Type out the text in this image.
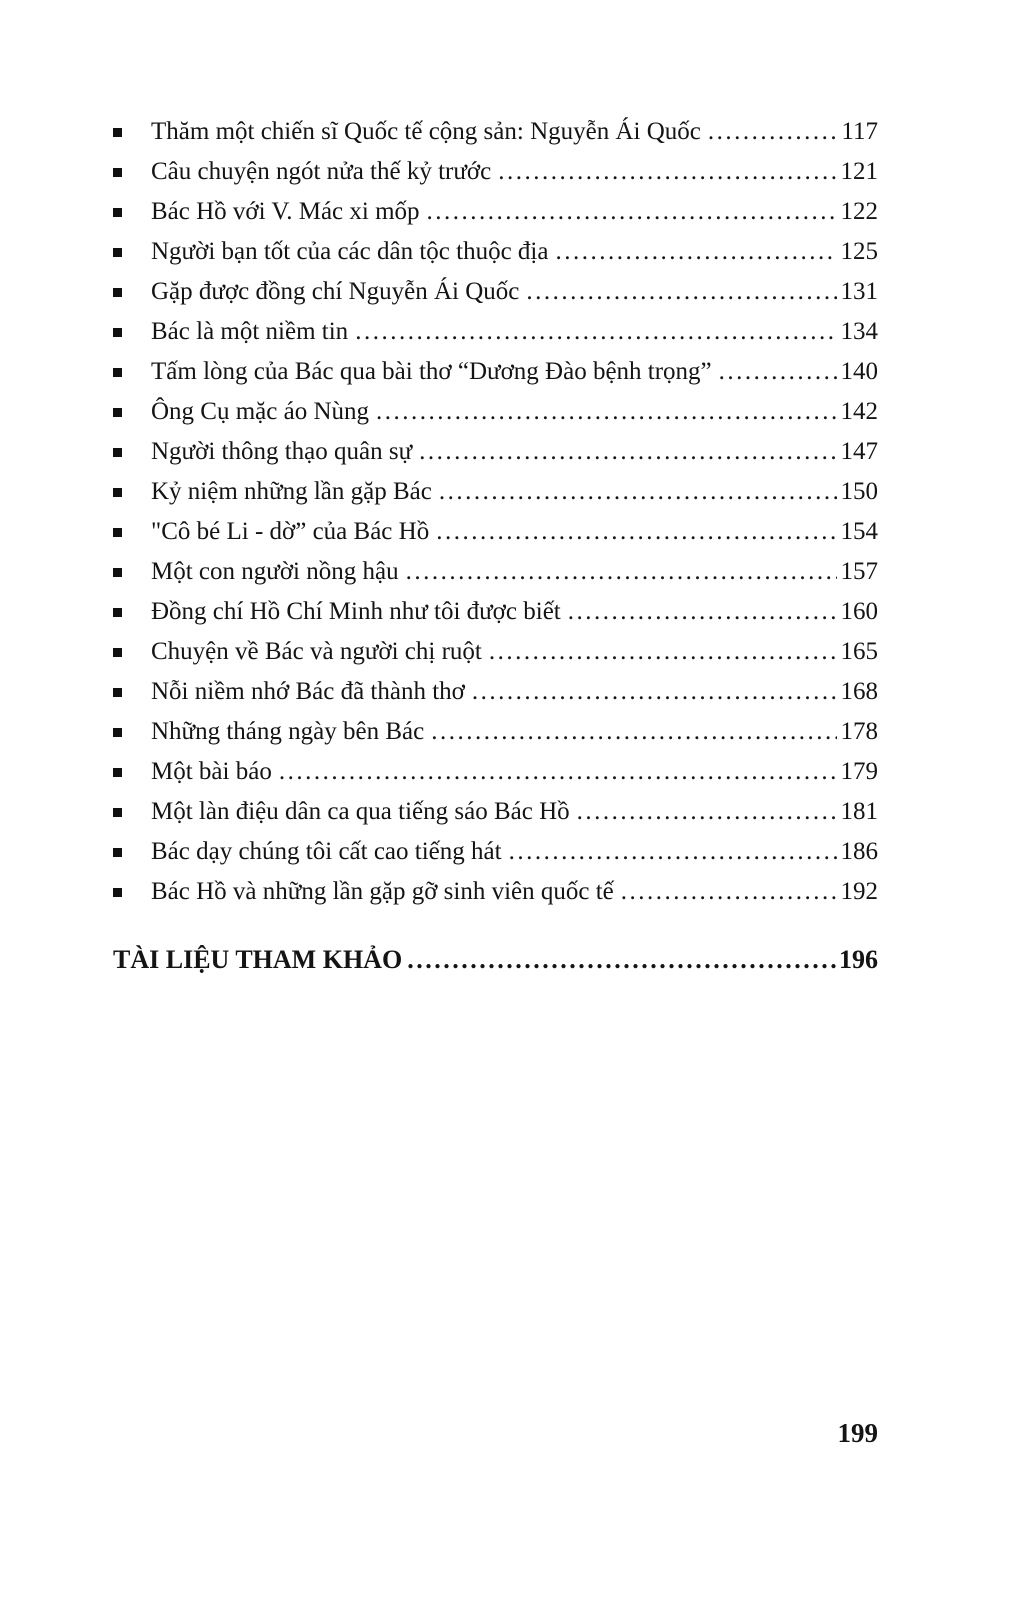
Thăm một chiến sĩ Quốc tế cộng sản: Nguyễn Ái Quốc .....	117
Câu chuyện ngót nửa thế kỷ trước .....	121
Bác Hồ với V. Mác xi mốp .....	122
Người bạn tốt của các dân tộc thuộc địa .....	125
Gặp được đồng chí Nguyễn Ái Quốc .....	131
Bác là một niềm tin .....	134
Tấm lòng của Bác qua bài thơ “Dương Đào bệnh trọng” .....	140
Ông Cụ mặc áo Nùng .....	142
Người thông thạo quân sự .....	147
Kỷ niệm những lần gặp Bác .....	150
"Cô bé Li - dờ” của Bác Hồ .....	154
Một con người nồng hậu .....	157
Đồng chí Hồ Chí Minh như tôi được biết .....	160
Chuyện về Bác và người chị ruột .....	165
Nỗi niềm nhớ Bác đã thành thơ .....	168
Những tháng ngày bên Bác .....	178
Một bài báo .....	179
Một làn điệu dân ca qua tiếng sáo Bác Hồ .....	181
Bác dạy chúng tôi cất cao tiếng hát .....	186
Bác Hồ và những lần gặp gỡ sinh viên quốc tế .....	192
TÀI LIỆU THAM KHẢO .....	196
199
